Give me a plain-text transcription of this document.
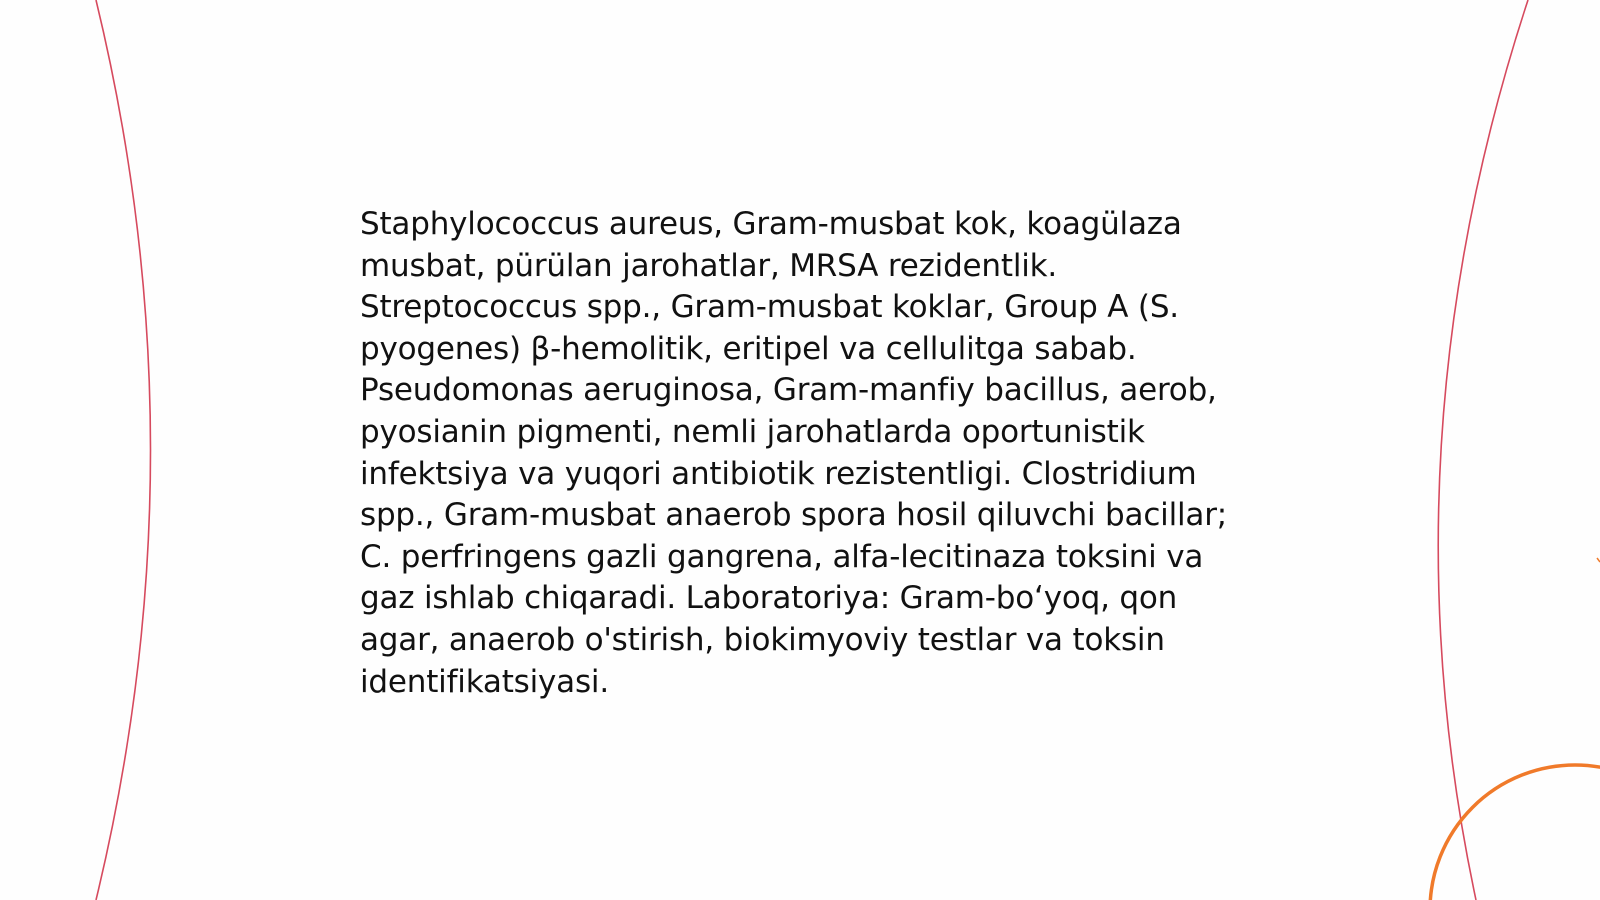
Staphylococcus aureus, Gram-musbat kok, koagülaza musbat, pürülan jarohatlar, MRSA rezidentlik. Streptococcus spp., Gram-musbat koklar, Group A (S. pyogenes) β-hemolitik, eritipel va cellulitga sabab. Pseudomonas aeruginosa, Gram-manfiy bacillus, aerob, pyosianin pigmenti, nemli jarohatlarda oportunistik infektsiya va yuqori antibiotik rezistentligi. Clostridium spp., Gram-musbat anaerob spora hosil qiluvchi bacillar; C. perfringens gazli gangrena, alfa-lecitinaza toksini va gaz ishlab chiqaradi. Laboratoriya: Gram-bo‘yoq, qon agar, anaerob o'stirish, biokimyoviy testlar va toksin identifikatsiyasi.
